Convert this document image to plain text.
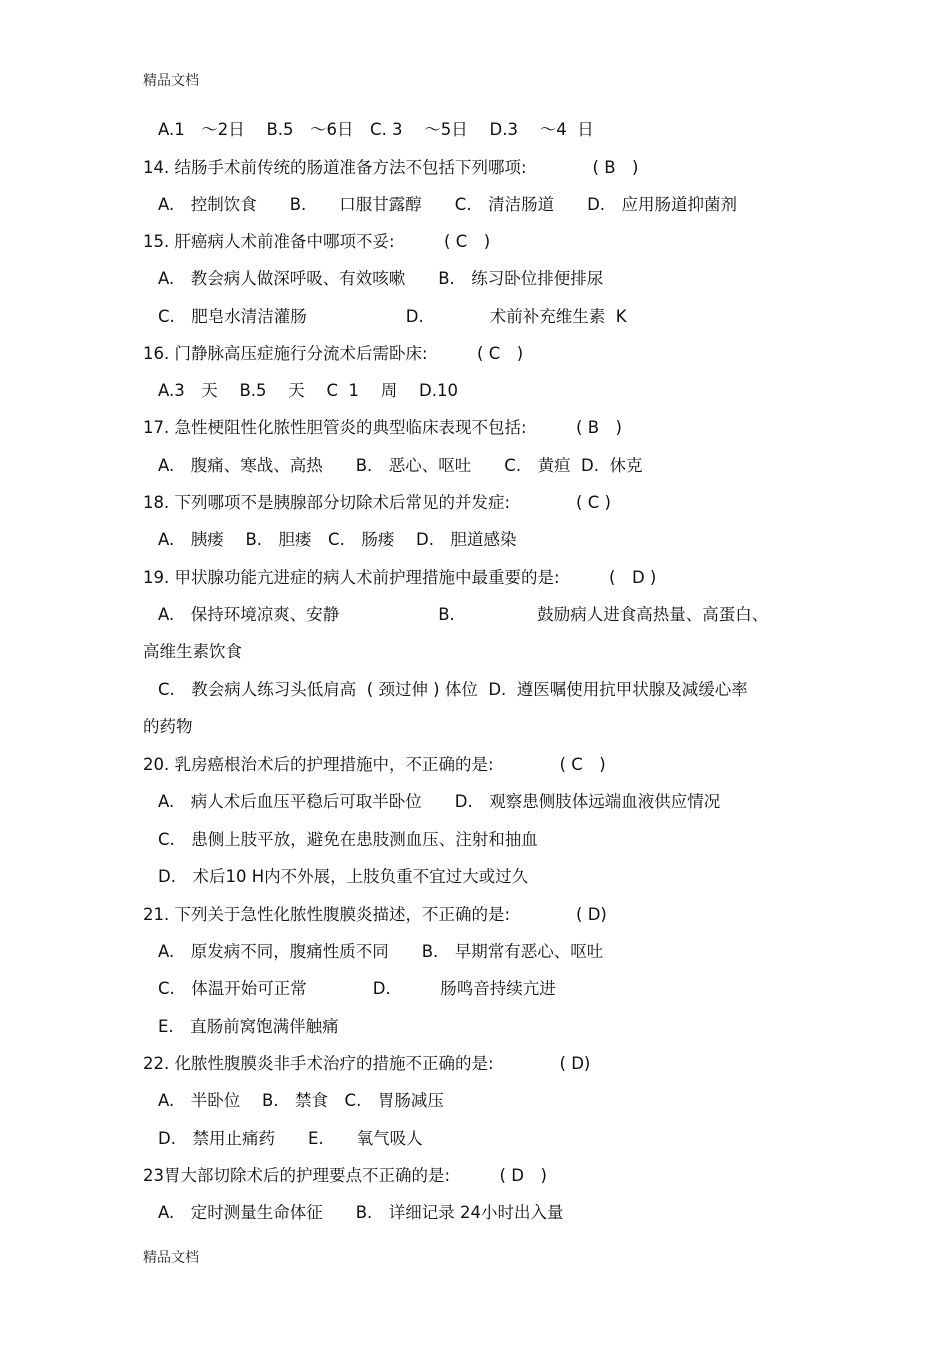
精品文档
A.1　～2日　 B.5　～6日　C. 3　 ～5日　 D.3　 ～4  日
14. 结肠手术前传统的肠道准备方法不包括下列哪项:　　　　( B　)
A.　控制饮食　　B.　　口服甘露醇　　C.　清洁肠道　　D.　应用肠道抑菌剂
15. 肝癌病人术前准备中哪项不妥:　　　( C　)
A.　教会病人做深呼吸、有效咳嗽　　B.　练习卧位排便排尿
C.　肥皂水清洁灌肠　　　　　　D.　　　　术前补充维生素  K
16. 门静脉高压症施行分流术后需卧床:　　　( C　)
A.3　天　 B.5　 天　 C  1　 周　 D.10
17. 急性梗阻性化脓性胆管炎的典型临床表现不包括:　　　( B　)
A.　腹痛、寒战、高热　　B.　恶心、呕吐　　C.　黄疸  D.  休克
18. 下列哪项不是胰腺部分切除术后常见的并发症:　　　　( C )
A.　胰瘘　 B.　胆瘘　C.　肠瘘　 D.　胆道感染
19. 甲状腺功能亢进症的病人术前护理措施中最重要的是:　　　(　D )
A.　保持环境凉爽、安静　　　　　　B.　　　　　鼓励病人进食高热量、高蛋白、
高维生素饮食
C.　教会病人练习头低肩高  ( 颈过伸 ) 体位  D.  遵医嘱使用抗甲状腺及减缓心率
的药物
20. 乳房癌根治术后的护理措施中，不正确的是:　　　　( C　)
A.　病人术后血压平稳后可取半卧位　　D.　观察患侧肢体远端血液供应情况
C.　患侧上肢平放，避免在患肢测血压、注射和抽血
D.　术后10 H内不外展，上肢负重不宜过大或过久
21. 下列关于急性化脓性腹膜炎描述，不正确的是:　　　　( D)
A.　原发病不同，腹痛性质不同　　B.　早期常有恶心、呕吐
C.　体温开始可正常　　　　D.　　　肠鸣音持续亢进
E.　直肠前窝饱满伴触痛
22. 化脓性腹膜炎非手术治疗的措施不正确的是:　　　　( D)
A.　半卧位　 B.　禁食　C.　胃肠减压
D.　禁用止痛药　　E.　　氧气吸人
23胃大部切除术后的护理要点不正确的是:　　　( D　)
A.　定时测量生命体征　　B.　详细记录 24小时出入量
精品文档
